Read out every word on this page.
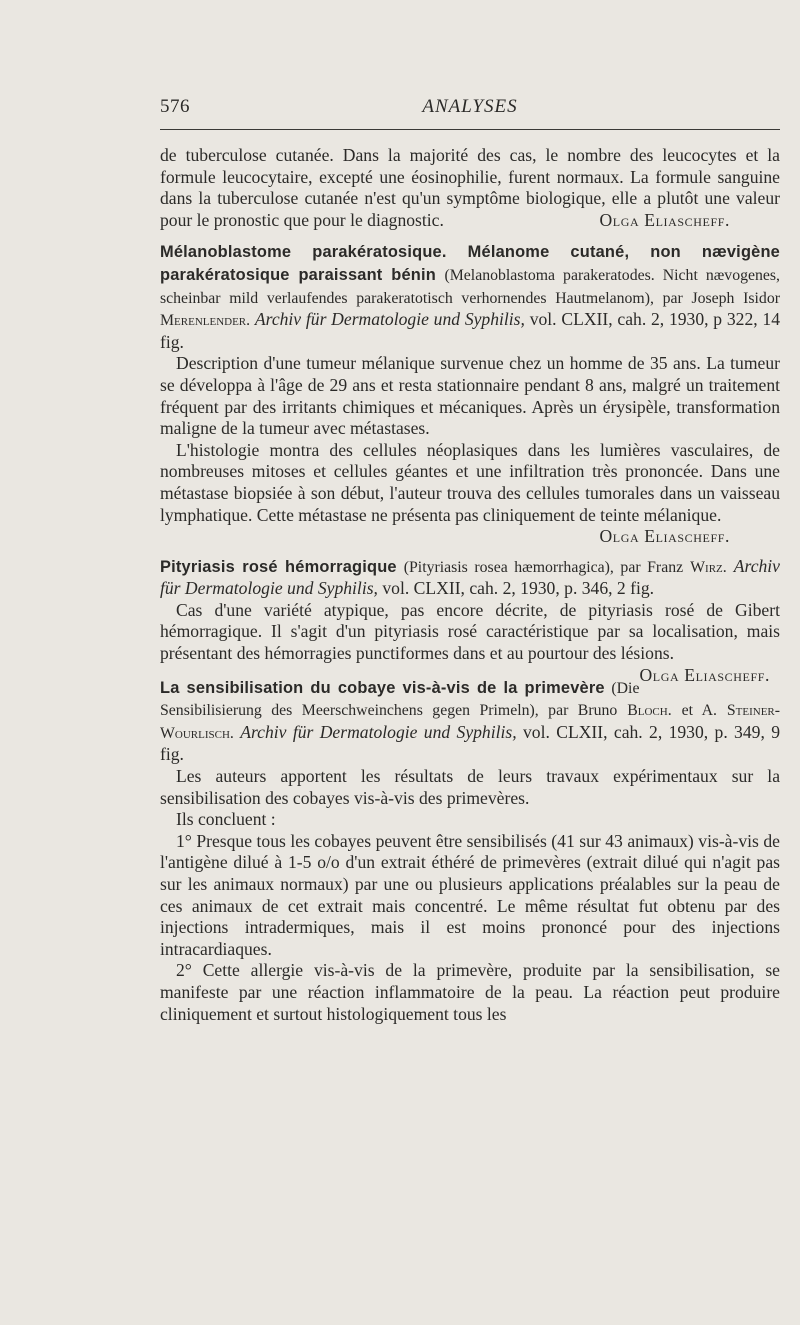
576	ANALYSES

de tuberculose cutanée. Dans la majorité des cas, le nombre des leucocytes et la formule leucocytaire, excepté une éosinophilie, furent normaux. La formule sanguine dans la tuberculose cutanée n'est qu'un symptôme biologique, elle a plutôt une valeur pour le pronostic que pour le diagnostic.	Olga Eliascheff.

Mélanoblastome parakératosique. Mélanome cutané, non nævigène parakératosique paraissant bénin (Melanoblastoma parakeratodes. Nicht nævogenes, scheinbar mild verlaufendes parakeratotisch verhornendes Hautmelanom), par Joseph Isidor Merenlender. Archiv für Dermatologie und Syphilis, vol. CLXII, cah. 2, 1930, p 322, 14 fig.

Description d'une tumeur mélanique survenue chez un homme de 35 ans. La tumeur se développa à l'âge de 29 ans et resta stationnaire pendant 8 ans, malgré un traitement fréquent par des irritants chimiques et mécaniques. Après un érysipèle, transformation maligne de la tumeur avec métastases.

L'histologie montra des cellules néoplasiques dans les lumières vasculaires, de nombreuses mitoses et cellules géantes et une infiltration très prononcée. Dans une métastase biopsiée à son début, l'auteur trouva des cellules tumorales dans un vaisseau lymphatique. Cette métastase ne présenta pas cliniquement de teinte mélanique.

Olga Eliascheff.

Pityriasis rosé hémorragique (Pityriasis rosea hæmorrhagica), par Franz Wirz. Archiv für Dermatologie und Syphilis, vol. CLXII, cah. 2, 1930, p. 346, 2 fig.

Cas d'une variété atypique, pas encore décrite, de pityriasis rosé de Gibert hémorragique. Il s'agit d'un pityriasis rosé caractéristique par sa localisation, mais présentant des hémorragies punctiformes dans et au pourtour des lésions.
Olga Eliascheff.

La sensibilisation du cobaye vis-à-vis de la primevère (Die Sensibilisierung des Meerschweinchens gegen Primeln), par Bruno Bloch. et A. Steiner-Wourlisch. Archiv für Dermatologie und Syphilis, vol. CLXII, cah. 2, 1930, p. 349, 9 fig.

Les auteurs apportent les résultats de leurs travaux expérimentaux sur la sensibilisation des cobayes vis-à-vis des primevères.

Ils concluent :

1° Presque tous les cobayes peuvent être sensibilisés (41 sur 43 animaux) vis-à-vis de l'antigène dilué à 1-5 o/o d'un extrait éthéré de primevères (extrait dilué qui n'agit pas sur les animaux normaux) par une ou plusieurs applications préalables sur la peau de ces animaux de cet extrait mais concentré. Le même résultat fut obtenu par des injections intradermiques, mais il est moins prononcé pour des injections intracardiaques.

2° Cette allergie vis-à-vis de la primevère, produite par la sensibilisation, se manifeste par une réaction inflammatoire de la peau. La réaction peut produire cliniquement et surtout histologiquement tous les
